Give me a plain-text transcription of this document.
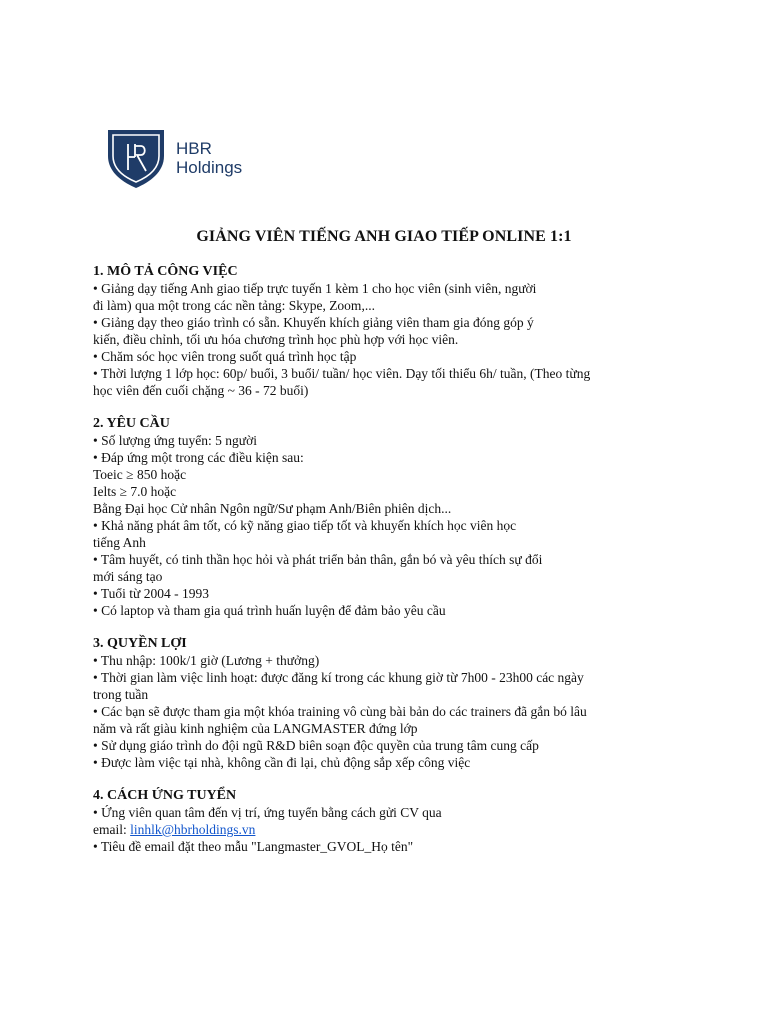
HBR
Holdings
GIẢNG VIÊN TIẾNG ANH GIAO TIẾP ONLINE 1:1
1. MÔ TẢ CÔNG VIỆC
• Giảng dạy tiếng Anh giao tiếp trực tuyến 1 kèm 1 cho học viên (sinh viên, người
đi làm) qua một trong các nền tảng: Skype, Zoom,...
• Giảng dạy theo giáo trình có sẵn. Khuyến khích giảng viên tham gia đóng góp ý
kiến, điều chỉnh, tối ưu hóa chương trình học phù hợp với học viên.
• Chăm sóc học viên trong suốt quá trình học tập
• Thời lượng 1 lớp học: 60p/ buổi, 3 buổi/ tuần/ học viên. Dạy tối thiểu 6h/ tuần, (Theo từng
học viên đến cuối chặng ~ 36 - 72 buổi)
2. YÊU CẦU
• Số lượng ứng tuyển: 5 người
• Đáp ứng một trong các điều kiện sau:
Toeic ≥ 850 hoặc
Ielts ≥ 7.0 hoặc
Bằng Đại học Cử nhân Ngôn ngữ/Sư phạm Anh/Biên phiên dịch...
• Khả năng phát âm tốt, có kỹ năng giao tiếp tốt và khuyến khích học viên học
tiếng Anh
• Tâm huyết, có tinh thần học hỏi và phát triển bản thân, gắn bó và yêu thích sự đổi
mới sáng tạo
• Tuổi từ 2004 - 1993
• Có laptop và tham gia quá trình huấn luyện để đảm bảo yêu cầu
3. QUYỀN LỢI
• Thu nhập: 100k/1 giờ (Lương + thưởng)
• Thời gian làm việc linh hoạt: được đăng kí trong các khung giờ từ 7h00 - 23h00 các ngày
trong tuần
• Các bạn sẽ được tham gia một khóa training vô cùng bài bản do các trainers đã gắn bó lâu
năm và rất giàu kinh nghiệm của LANGMASTER đứng lớp
• Sử dụng giáo trình do đội ngũ R&D biên soạn độc quyền của trung tâm cung cấp
• Được làm việc tại nhà, không cần đi lại, chủ động sắp xếp công việc
4. CÁCH ỨNG TUYỂN
• Ứng viên quan tâm đến vị trí, ứng tuyển bằng cách gửi CV qua
email: linhlk@hbrholdings.vn
• Tiêu đề email đặt theo mẫu "Langmaster_GVOL_Họ tên"
